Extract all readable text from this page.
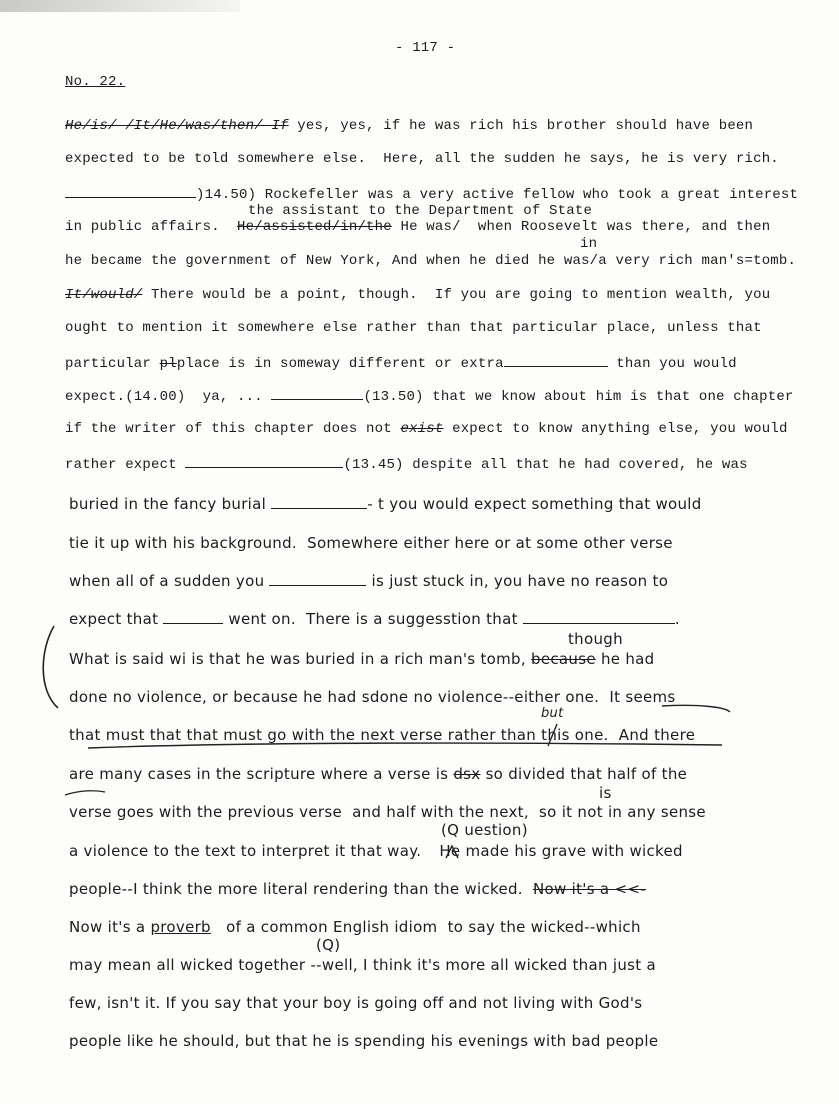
- 117 -
No. 22.
He/is/ /It/He/was/then/ If yes, yes, if he was rich his brother should have been
expected to be told somewhere else.  Here, all the sudden he says, he is very rich.
)14.50) Rockefeller was a very active fellow who took a great interest
the assistant to the Department of State
in public affairs. He/assisted/in/the He was/  when Roosevelt was there, and then
in
he became the government of New York, And when he died he was/a very rich man's=tomb.
It/would/ There would be a point, though.  If you are going to mention wealth, you
ought to mention it somewhere else rather than that particular place, unless that
particular plplace is in someway different or extra	than you would
expect.(14.00)  ya, ...	(13.50) that we know about him is that one chapter
if the writer of this chapter does not exist expect to know anything else, you would
rather expect	(13.45) despite all that he had covered, he was
buried in the fancy burial	- t you would expect something that would
tie it up with his background.  Somewhere either here or at some other verse
when all of a sudden you	is just stuck in, you have no reason to
expect that	went on.  There is a suggesstion that	.
though
What is said wi is that he was buried in a rich man's tomb, because he had
done no violence, or because he had sdone no violence--either one.  It seems
but
that must that that must go with the next verse rather than this one.  And there
are many cases in the scripture where a verse is dsx so divided that half of the
is
verse goes with the previous verse  and half with the next,  so it not in any sense
(Q uestion)
a violence to the text to interpret it that way. He made his grave with wicked
people--I think the more literal rendering than the wicked. Now it's a <<-
Now it's a proverb of a common English idiom  to say the wicked--which
(Q)
may mean all wicked together --well, I think it's more all wicked than just a
few, isn't it. If you say that your boy is going off and not living with God's
people like he should, but that he is spending his evenings with bad people
